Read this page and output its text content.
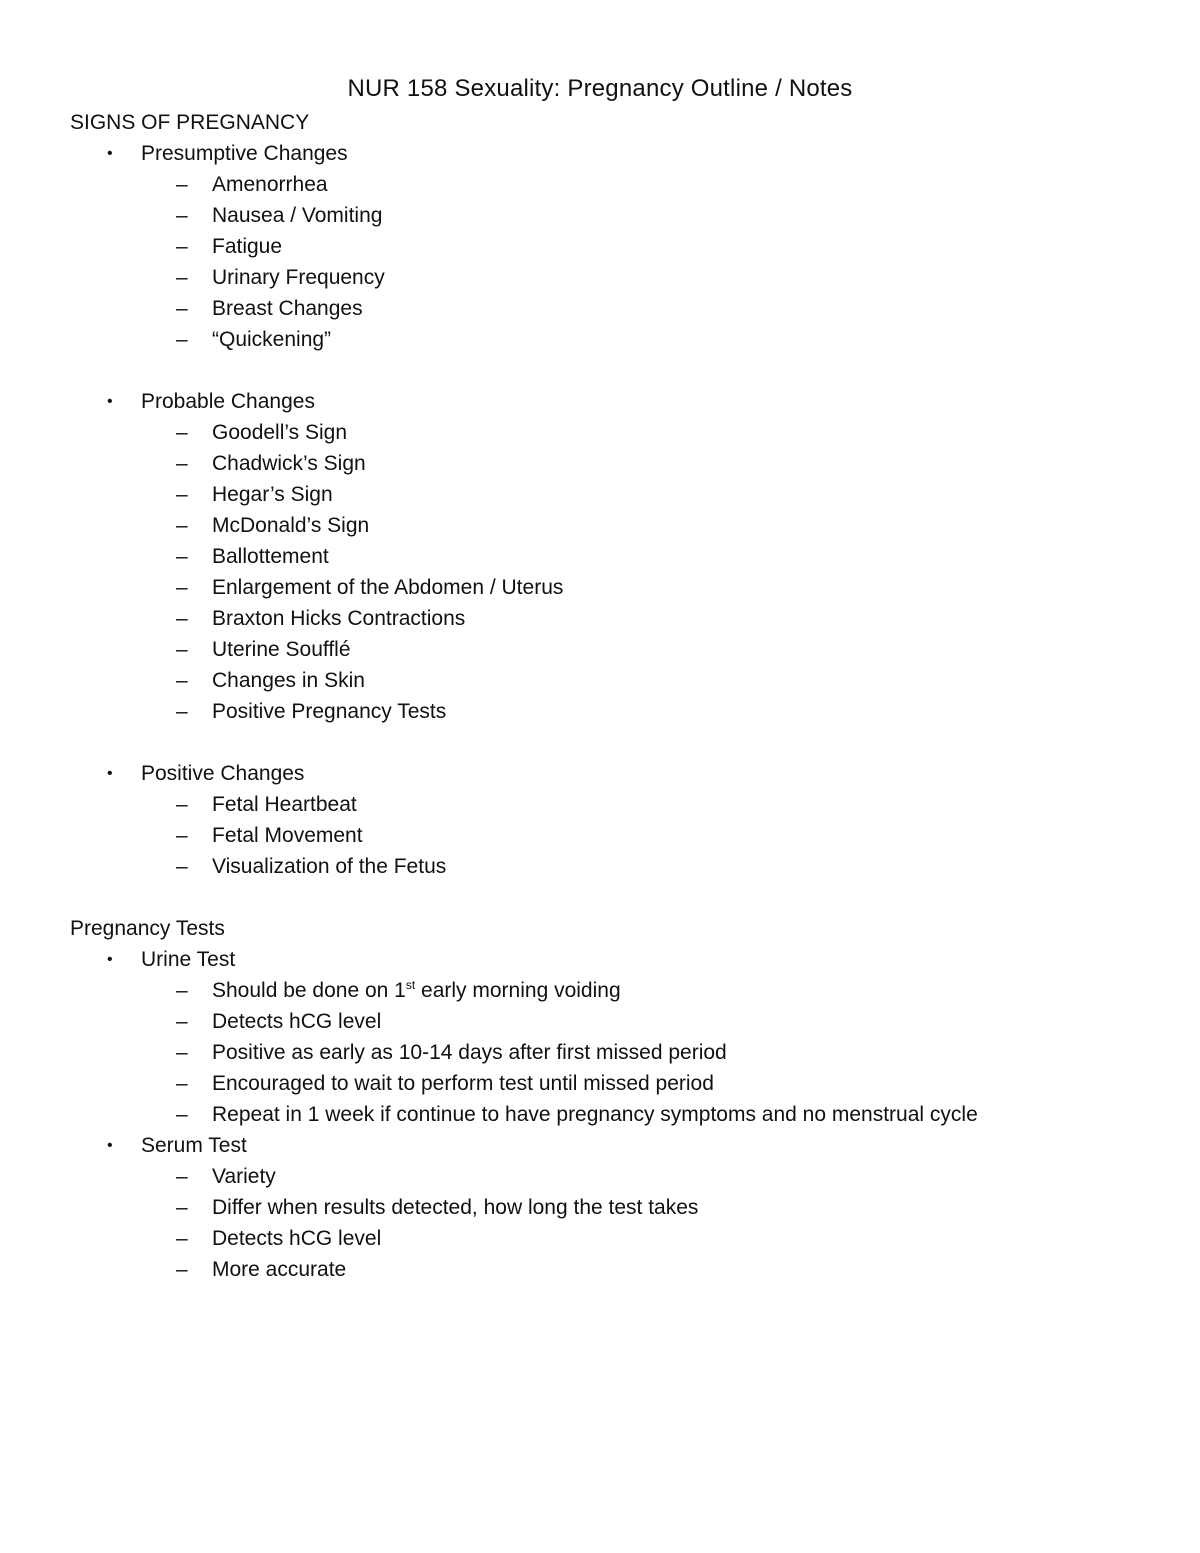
NUR 158 Sexuality: Pregnancy Outline / Notes
SIGNS OF PREGNANCY
• Presumptive Changes
– Amenorrhea
– Nausea / Vomiting
– Fatigue
– Urinary Frequency
– Breast Changes
– “Quickening”
• Probable Changes
– Goodell’s Sign
– Chadwick’s Sign
– Hegar’s Sign
– McDonald’s Sign
– Ballottement
– Enlargement of the Abdomen / Uterus
– Braxton Hicks Contractions
– Uterine Soufflé
– Changes in Skin
– Positive Pregnancy Tests
• Positive Changes
– Fetal Heartbeat
– Fetal Movement
– Visualization of the Fetus
Pregnancy Tests
• Urine Test
– Should be done on 1st early morning voiding
– Detects hCG level
– Positive as early as 10-14 days after first missed period
– Encouraged to wait to perform test until missed period
– Repeat in 1 week if continue to have pregnancy symptoms and no menstrual cycle
• Serum Test
– Variety
– Differ when results detected, how long the test takes
– Detects hCG level
– More accurate
